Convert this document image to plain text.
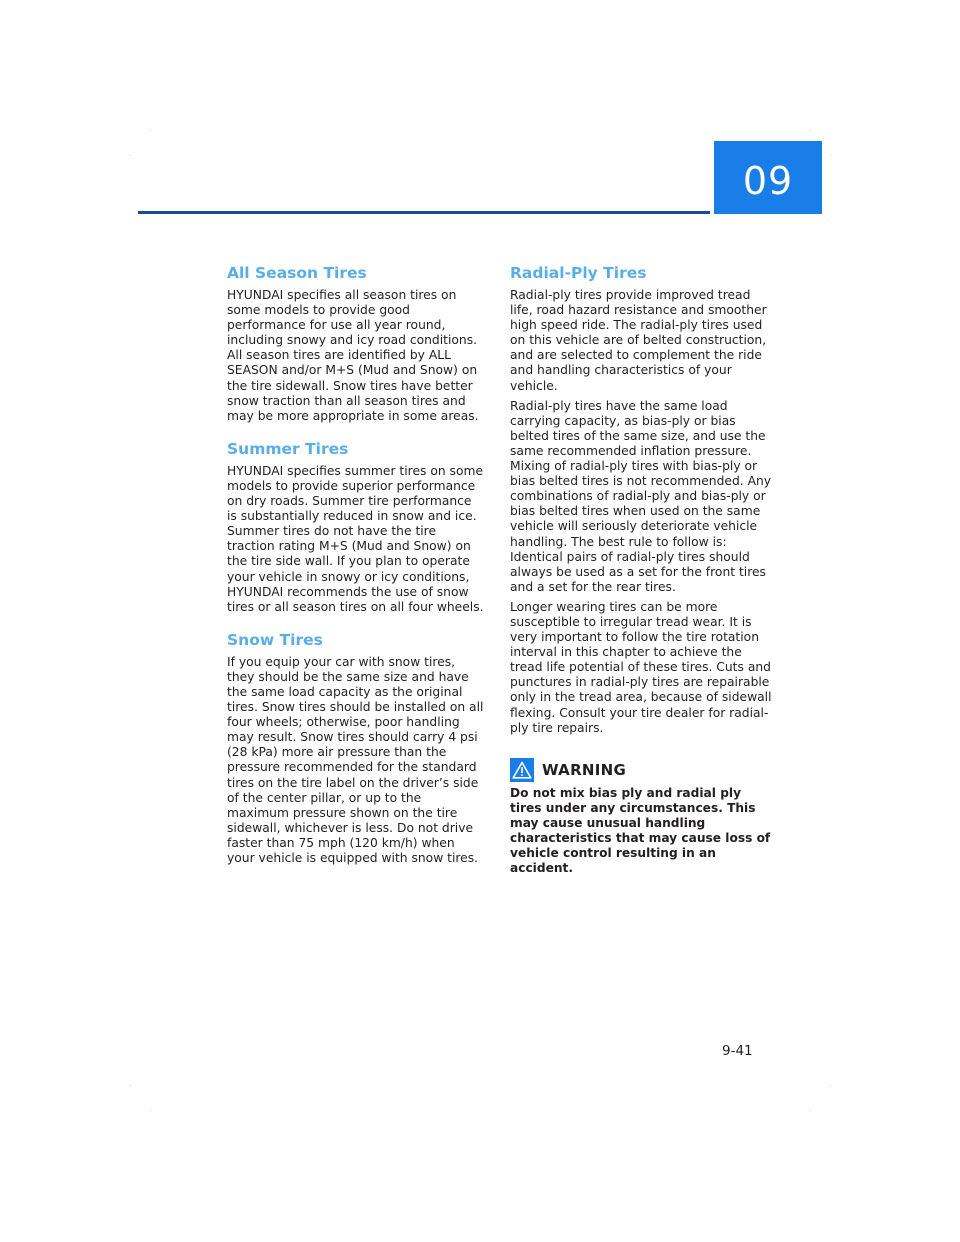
09
All Season Tires

HYUNDAI specifies all season tires on some models to provide good performance for use all year round, including snowy and icy road conditions. All season tires are identified by ALL SEASON and/or M+S (Mud and Snow) on the tire sidewall. Snow tires have better snow traction than all season tires and may be more appropriate in some areas.

Summer Tires

HYUNDAI specifies summer tires on some models to provide superior performance on dry roads. Summer tire performance is substantially reduced in snow and ice. Summer tires do not have the tire traction rating M+S (Mud and Snow) on the tire side wall. If you plan to operate your vehicle in snowy or icy conditions, HYUNDAI recommends the use of snow tires or all season tires on all four wheels.

Snow Tires

If you equip your car with snow tires, they should be the same size and have the same load capacity as the original tires. Snow tires should be installed on all four wheels; otherwise, poor handling may result. Snow tires should carry 4 psi (28 kPa) more air pressure than the pressure recommended for the standard tires on the tire label on the driver’s side of the center pillar, or up to the maximum pressure shown on the tire sidewall, whichever is less. Do not drive faster than 75 mph (120 km/h) when your vehicle is equipped with snow tires.

Radial-Ply Tires

Radial-ply tires provide improved tread life, road hazard resistance and smoother high speed ride. The radial-ply tires used on this vehicle are of belted construction, and are selected to complement the ride and handling characteristics of your vehicle.

Radial-ply tires have the same load carrying capacity, as bias-ply or bias belted tires of the same size, and use the same recommended inflation pressure. Mixing of radial-ply tires with bias-ply or bias belted tires is not recommended. Any combinations of radial-ply and bias-ply or bias belted tires when used on the same vehicle will seriously deteriorate vehicle handling. The best rule to follow is: Identical pairs of radial-ply tires should always be used as a set for the front tires and a set for the rear tires.

Longer wearing tires can be more susceptible to irregular tread wear. It is very important to follow the tire rotation interval in this chapter to achieve the tread life potential of these tires. Cuts and punctures in radial-ply tires are repairable only in the tread area, because of sidewall flexing. Consult your tire dealer for radial-ply tire repairs.

WARNING

Do not mix bias ply and radial ply tires under any circumstances. This may cause unusual handling characteristics that may cause loss of vehicle control resulting in an accident.

9-41
